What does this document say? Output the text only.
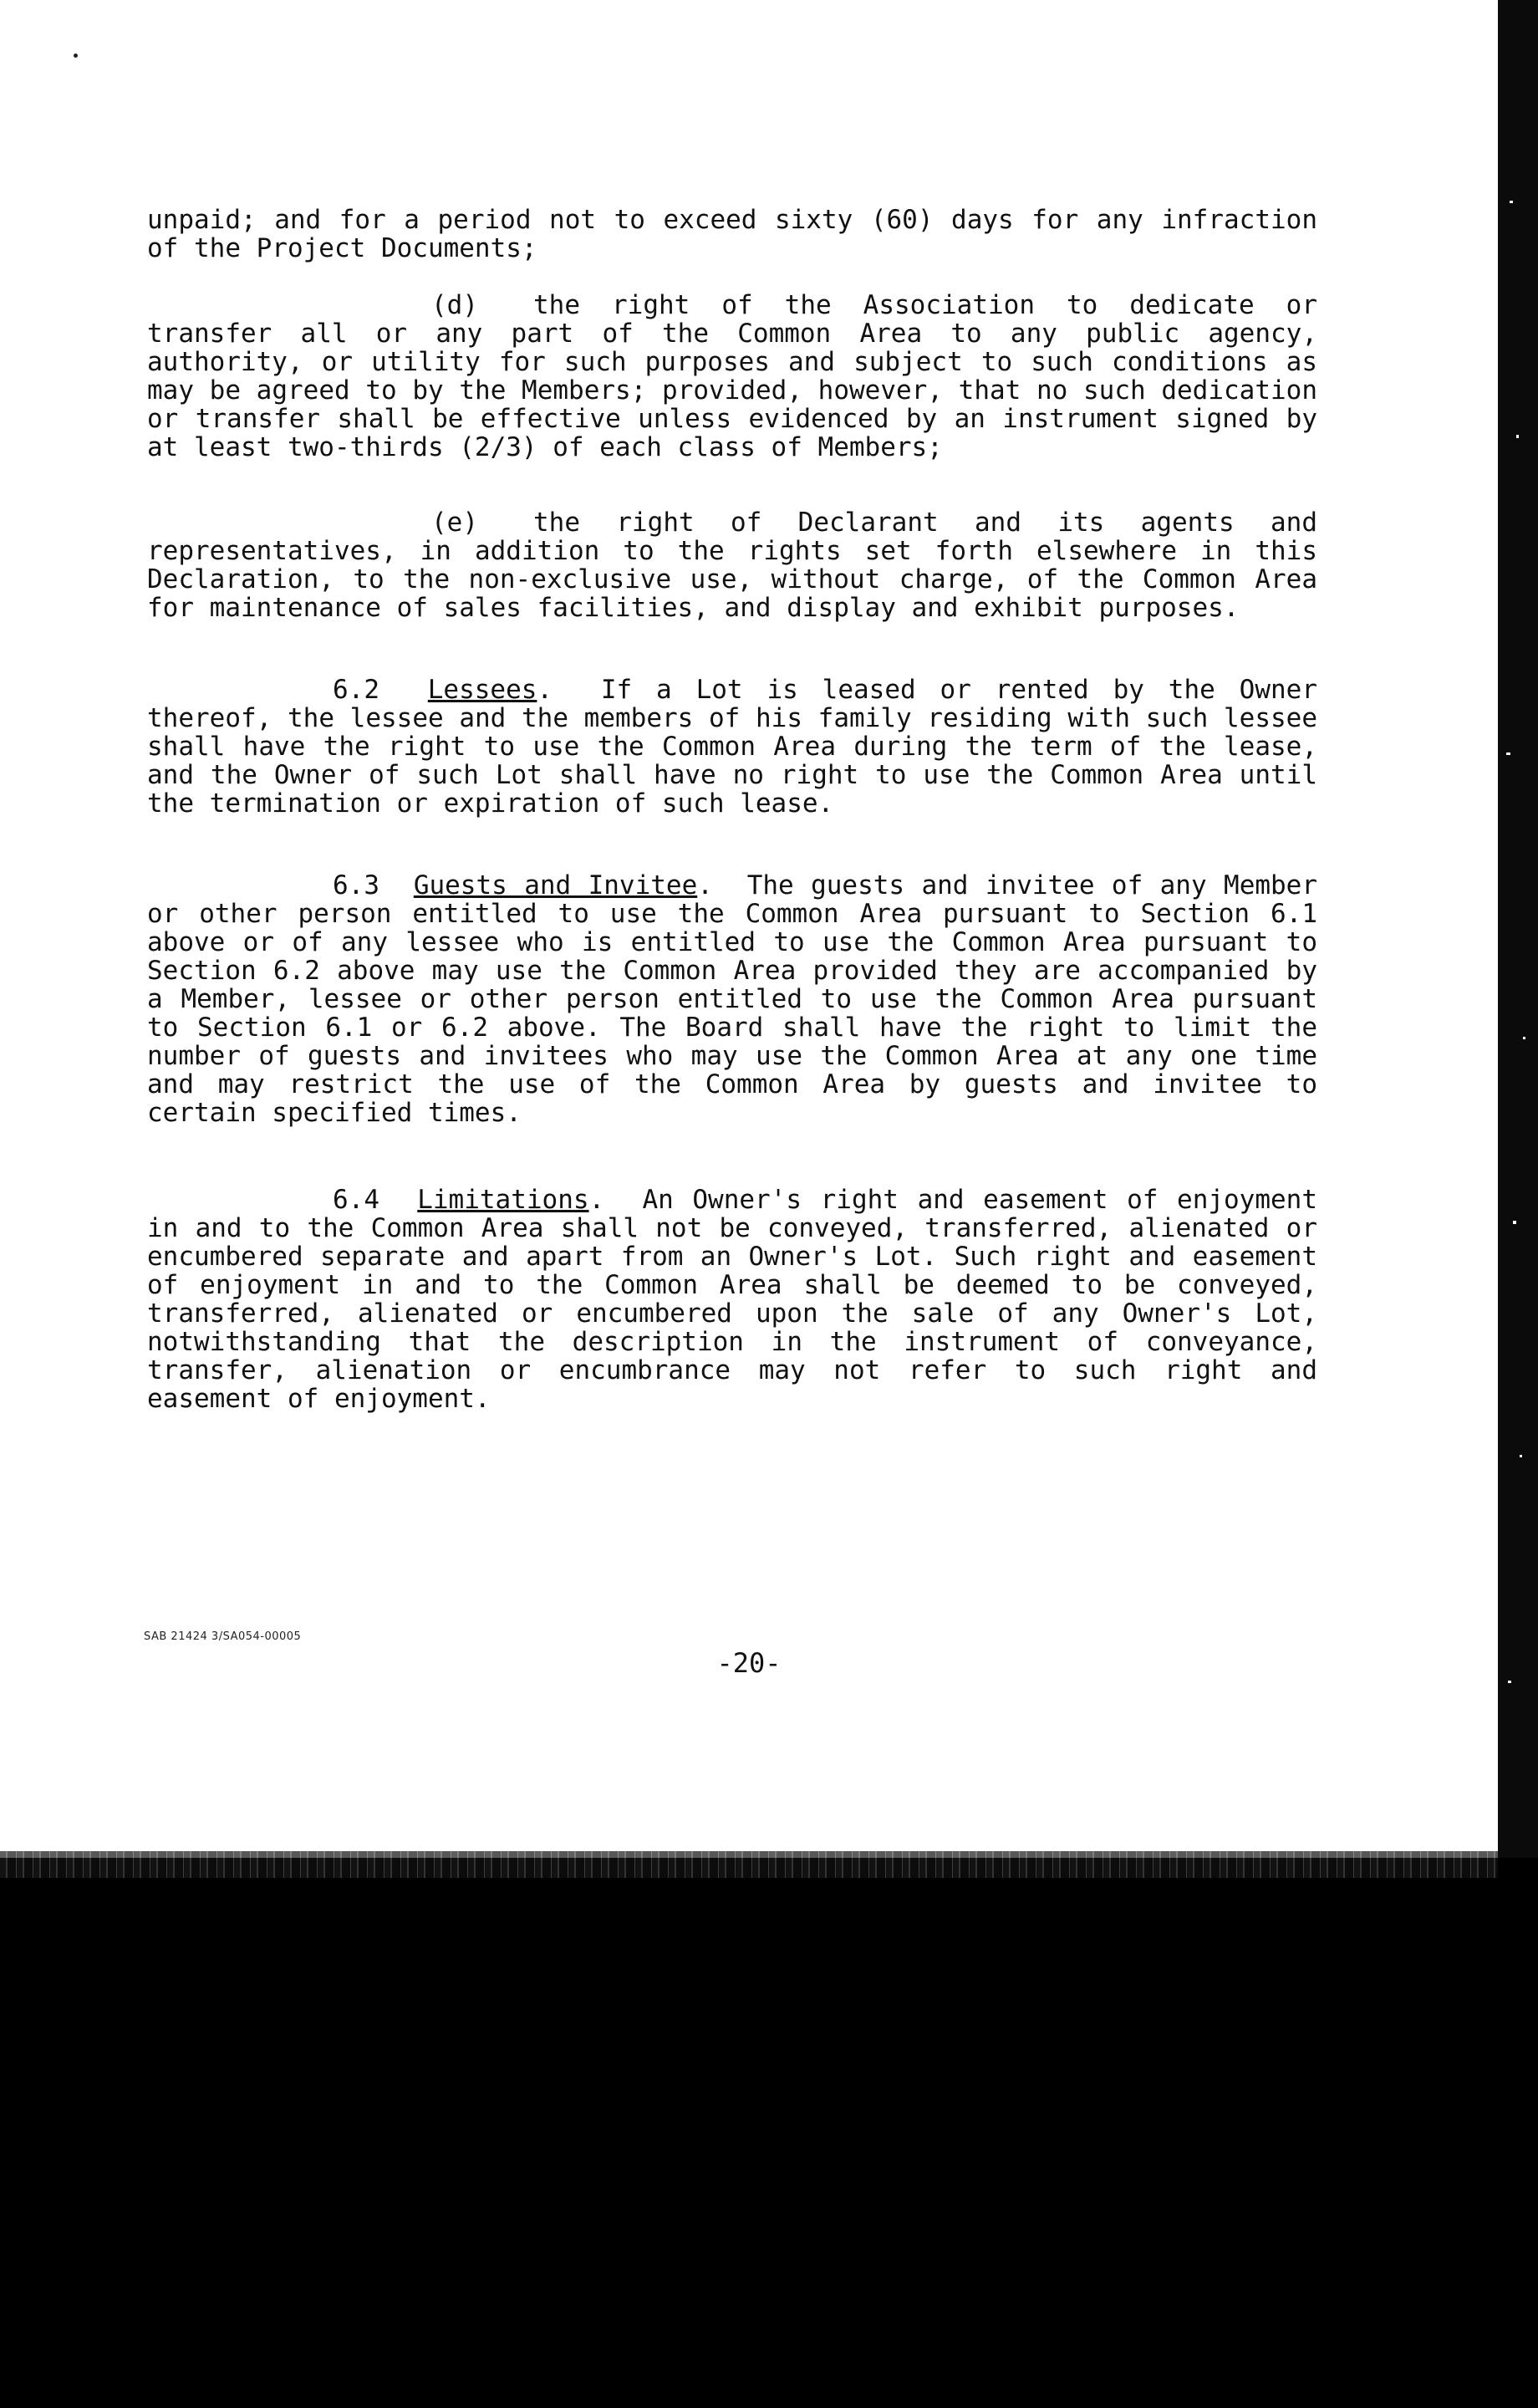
unpaid; and for a period not to exceed sixty (60) days for any infraction of the Project Documents;

(d) the right of the Association to dedicate or transfer all or any part of the Common Area to any public agency, authority, or utility for such purposes and subject to such conditions as may be agreed to by the Members; provided, however, that no such dedication or transfer shall be effective unless evidenced by an instrument signed by at least two-thirds (2/3) of each class of Members;

(e) the right of Declarant and its agents and representatives, in addition to the rights set forth elsewhere in this Declaration, to the non-exclusive use, without charge, of the Common Area for maintenance of sales facilities, and display and exhibit purposes.

6.2 Lessees.  If a Lot is leased or rented by the Owner thereof, the lessee and the members of his family residing with such lessee shall have the right to use the Common Area during the term of the lease, and the Owner of such Lot shall have no right to use the Common Area until the termination or expiration of such lease.

6.3 Guests and Invitee.  The guests and invitee of any Member or other person entitled to use the Common Area pursuant to Section 6.1 above or of any lessee who is entitled to use the Common Area pursuant to Section 6.2 above may use the Common Area provided they are accompanied by a Member, lessee or other person entitled to use the Common Area pursuant to Section 6.1 or 6.2 above. The Board shall have the right to limit the number of guests and invitees who may use the Common Area at any one time and may restrict the use of the Common Area by guests and invitee to certain specified times.

6.4 Limitations.  An Owner's right and easement of enjoyment in and to the Common Area shall not be conveyed, transferred, alienated or encumbered separate and apart from an Owner's Lot. Such right and easement of enjoyment in and to the Common Area shall be deemed to be conveyed, transferred, alienated or encumbered upon the sale of any Owner's Lot, notwithstanding that the description in the instrument of conveyance, transfer, alienation or encumbrance may not refer to such right and easement of enjoyment.

SAB 21424 3/SA054-00005
-20-
